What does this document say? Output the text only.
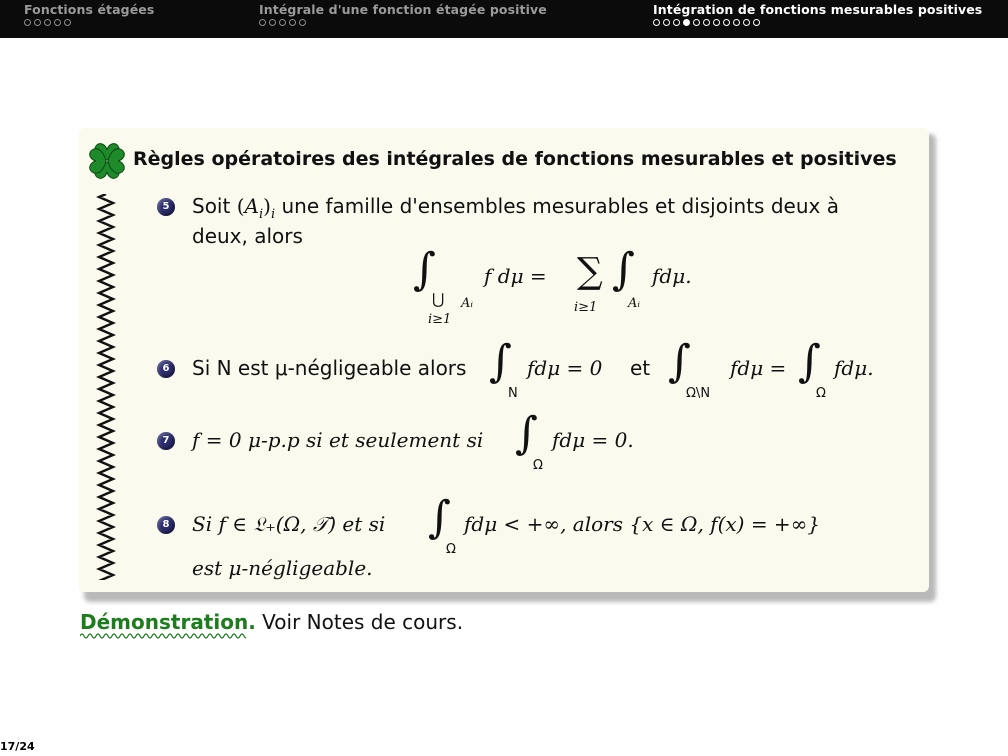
Fonctions étagées	Intégrale d'une fonction étagée positive	Intégration de fonctions mesurables positives
Règles opératoires des intégrales de fonctions mesurables et positives
5 Soit $(A_i)_i$ une famille d'ensembles mesurables et disjoints deux à
deux, alors
∫ f dμ =
⋃ Aᵢ
i≥1
∑
i≥1
∫
Aᵢ
fdμ.
6 Si N est μ-négligeable alors ∫
N
fdμ = 0 et ∫
Ω\N
fdμ = ∫
Ω
fdμ.
7 f = 0 μ-p.p si et seulement si ∫
Ω
fdμ = 0.
8 Si f ∈ 𝔏₊(Ω, 𝒯) et si ∫
Ω
fdμ < +∞, alors {x ∈ Ω, f(x) = +∞}
est μ-négligeable.
Démonstration. Voir Notes de cours.
17/24
